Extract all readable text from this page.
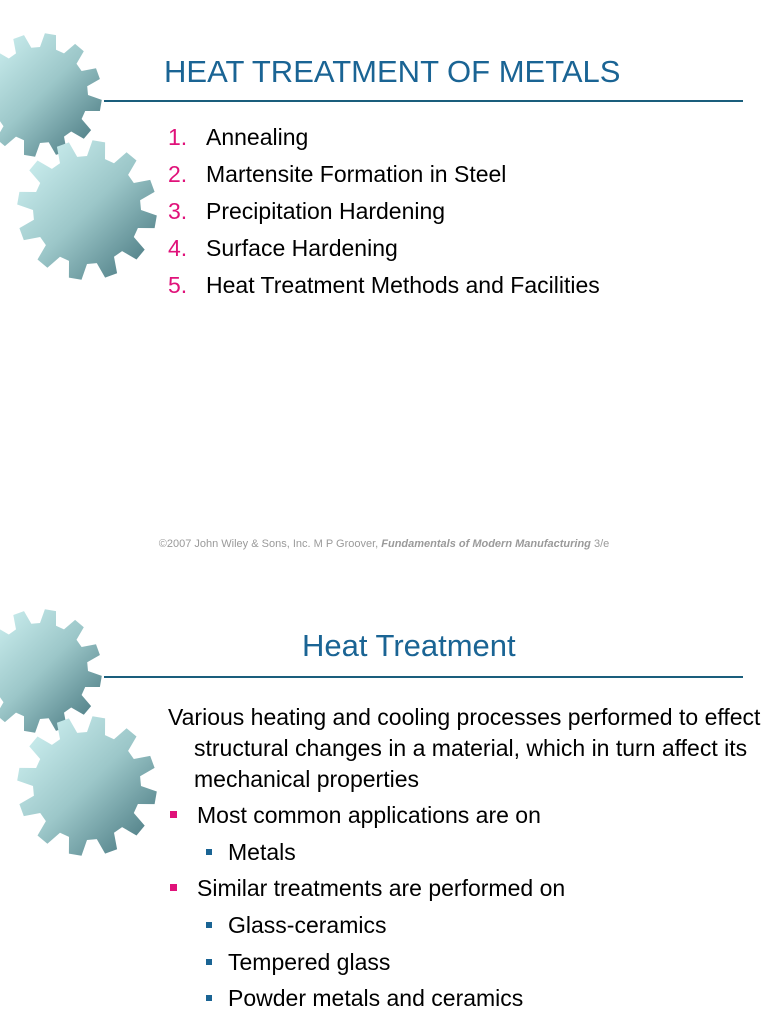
HEAT TREATMENT OF METALS
1. Annealing
2. Martensite Formation in Steel
3. Precipitation Hardening
4. Surface Hardening
5. Heat Treatment Methods and Facilities
©2007 John Wiley & Sons, Inc. M P Groover, Fundamentals of Modern Manufacturing 3/e
Heat Treatment

Various heating and cooling processes performed to effect structural changes in a material, which in turn affect its mechanical properties

Most common applications are on
Metals
Similar treatments are performed on
Glass-ceramics
Tempered glass
Powder metals and ceramics
